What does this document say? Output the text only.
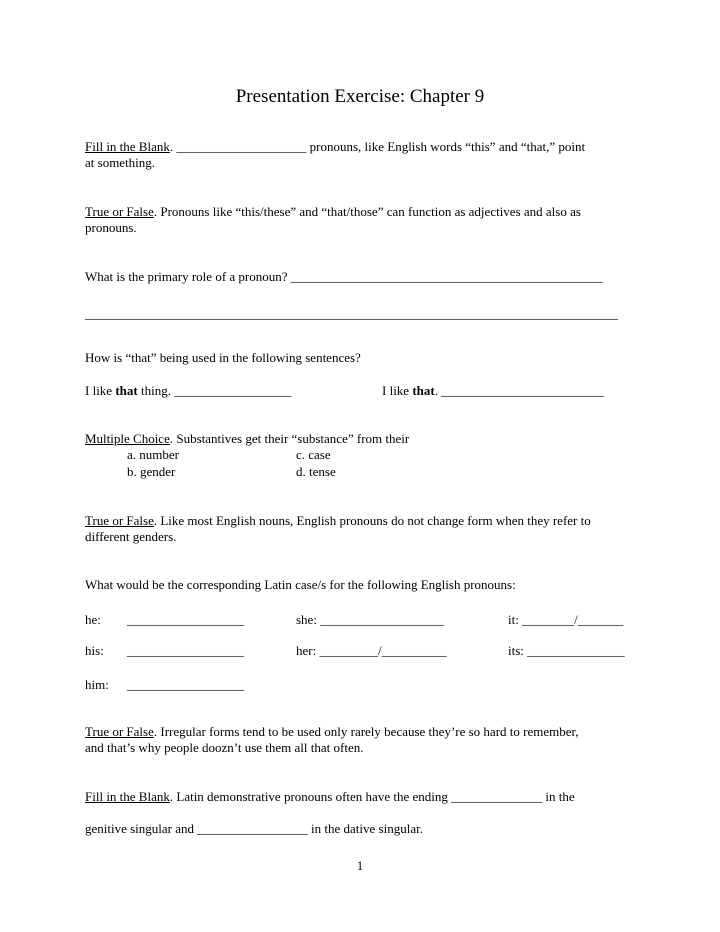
Presentation Exercise: Chapter 9
Fill in the Blank. ____________________ pronouns, like English words “this” and “that,” point
at something.
True or False. Pronouns like “this/these” and “that/those” can function as adjectives and also as
pronouns.
What is the primary role of a pronoun? ________________________________________________
__________________________________________________________________________________
How is “that” being used in the following sentences?
I like that thing. __________________	I like that. _________________________
Multiple Choice. Substantives get their “substance” from their
a. number	c. case
b. gender	d. tense
True or False. Like most English nouns, English pronouns do not change form when they refer to
different genders.
What would be the corresponding Latin case/s for the following English pronouns:
he: __________________	she: ___________________	it: ________/_______
his: __________________	her: _________/__________	its: _______________
him: __________________
True or False. Irregular forms tend to be used only rarely because they’re so hard to remember,
and that’s why people doozn’t use them all that often.
Fill in the Blank. Latin demonstrative pronouns often have the ending ______________ in the
genitive singular and _________________ in the dative singular.
1
